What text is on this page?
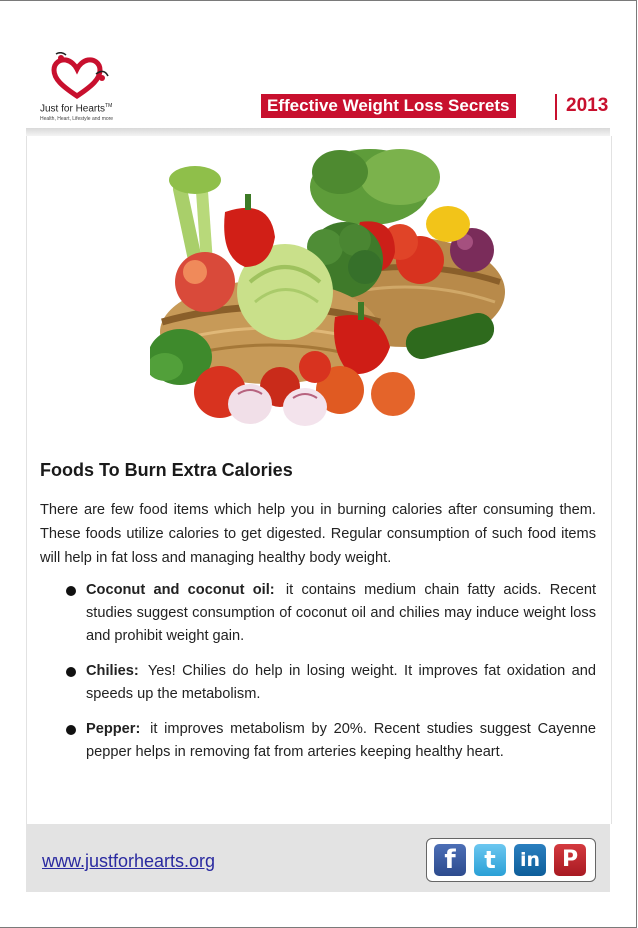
Just for Hearts™
Health, Heart, Lifestyle and more
Effective Weight Loss Secrets	2013
Foods To Burn Extra Calories
There are few food items which help you in burning calories after consuming them. These foods utilize calories to get digested. Regular consumption of such food items will help in fat loss and managing healthy body weight.
Coconut and coconut oil: it contains medium chain fatty acids. Recent studies suggest consumption of coconut oil and chilies may induce weight loss and prohibit weight gain.
Chilies: Yes! Chilies do help in losing weight. It improves fat oxidation and speeds up the metabolism.
Pepper: it improves metabolism by 20%. Recent studies suggest Cayenne pepper helps in removing fat from arteries keeping healthy heart.
www.justforhearts.org	f	t	in P
